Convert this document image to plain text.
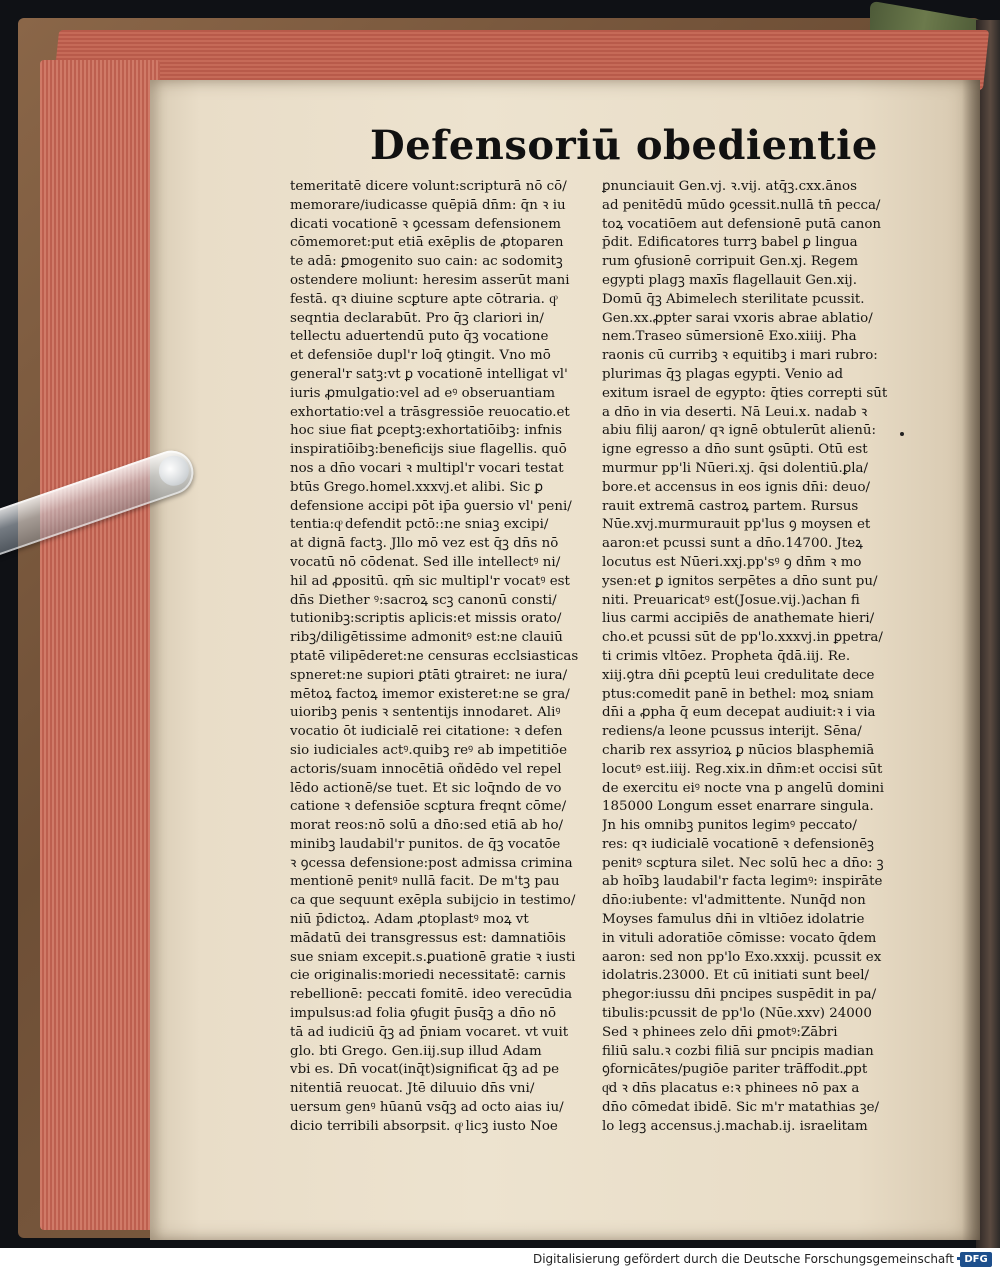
Defensoriū obedientie
temeritatē dicere volunt:scripturā nō cō/
memorare/iudicasse quēpiā dn̄m: q̄n ꝛ iu
dicati vocationē ꝛ ꝯcessam defensionem
cōmemoret:put etiā exēplis de ꝓtoparen
te adā: ꝑmogenito suo cain: ac sodomitꝫ
ostendere moliunt̄: heresim asserūt mani
festā. qꝛ diuine scꝑture apte cōtraria. qͦ
seqntia declarabūt. Pro q̄ꝫ clariori in/
tellectu aduertendū puto q̄ꝫ vocatione
et defensiōe dupl'r loq̄ ꝯtingit. Vno mō
general'r satꝫ:vt ꝑ vocationē intelligat̄ vl'
iuris ꝓmulgatio:vel ad eꝰ obseruantiam
exhortatio:vel a trāsgressiōe reuocatio.et
hoc siue fiat ꝑceptꝫ:exhortatiōibꝫ: infnis
inspiratiōibꝫ:beneficijs siue flagellis. quō
nos a dn̄o vocari ꝛ multipl'r vocari testat̄
btūs Grego.homel.xxxvj.et alibi. Sic ꝑ
defensione accipi pōt ip̄a ꝯuersio vl' peni/
tentia:qͦ defendit pctō::ne sniaꝫ excipi/
at dignā factꝫ. Jllo mō vez est q̄ꝫ dn̄s nō
vocatū nō cōdenat. Sed ille intellectꝰ ni/
hil ad ꝓpositū. qm̄ sic multipl'r vocatꝰ est
dn̄s Diether ꝰ:sacroꝝ scꝫ canonū consti/
tutionibꝫ:scriptis aplicis:et missis orato/
ribꝫ/diligētissime admonitꝰ est:ne clauiū
ptatē vilipēderet:ne censuras ecclsiasticas
spneret:ne supiori ꝑtāti ꝯtrairet: ne iura/
mētoꝝ factoꝝ imemor existeret:ne se gra/
uioribꝫ penis ꝛ sententijs innodaret. Aliꝰ
vocatio ōt iudicialē rei citatione: ꝛ defen
sio iudiciales actꝰ.quibꝫ reꝰ ab impetitiōe
actoris/suam innocētiā oñdēdo vel repel
lēdo actionē/se tuet̄. Et sic loq̄ndo de vo
catione ꝛ defensiōe scꝑtura freqnt̄ cōme/
morat reos:nō solū a dn̄o:sed etiā ab ho/
minibꝫ laudabil'r punitos. de q̄ꝫ vocatōe
ꝛ ꝯcessa defensione:post admissa crimina
mentionē penitꝰ nullā facit. De m'tꝫ pau
ca que sequunt̄ exēpla subijcio in testimo/
niū p̄dictoꝝ. Adam ꝓtoplastꝰ moꝝ vt
mādatū dei transgressus est: damnatiōis
sue sniam excepit.s.ꝑuationē gratie ꝛ iusti
cie originalis:moriedi necessitatē: carnis
rebellionē: peccati fomitē. ideo verecūdia
impulsus:ad folia ꝯfugit p̄usq̄ꝫ a dn̄o nō
tā ad iudiciū q̄ꝫ ad p̄niam vocaret̄. vt vuit
glo. bti Grego. Gen.iij.sup illud Adam
vbi es. Dn̄ vocat(inq̄t)significat q̄ꝫ ad pe
nitentiā reuocat. Jtē diluuio dn̄s vni/
uersum genꝰ hūanū vsq̄ꝫ ad octo aias iu/
dicio terribili absorpsit. qͦ licꝫ iusto Noe
ꝑnunciauit Gen.vj. ꝛ.vij. atq̄ꝫ.cxx.ānos
ad penitēdū mūdo ꝯcessit.nullā tn̄ pecca/
toꝝ vocatiōem aut defensionē putā canon
p̄dit. Edificatores turrꝫ babel ꝑ lingua
rum ꝯfusionē corripuit Gen.xj. Regem
egypti plagꝫ maxīs flagellauit Gen.xij.
Domū q̄ꝫ Abimelech sterilitate pcussit.
Gen.xx.ꝓpter sarai vxoris abrae ablatio/
nem.Traseo sūmersionē Exo.xiiij. Pha
raonis cū curribꝫ ꝛ equitibꝫ i mari rubro:
plurimas q̄ꝫ plagas egypti. Venio ad
exitum israel de egypto: q̄ties correpti sūt
a dn̄o in via deserti. Nā Leui.x. nadab ꝛ
abiu filij aaron/ qꝛ ignē obtulerūt alienū:
igne egresso a dn̄o sunt ꝯsūpti. Otū est
murmur pp'li Nūeri.xj. q̄si dolentiū.ꝑla/
bore.et accensus in eos ignis dn̄i: deuo/
rauit extremā castroꝝ partem. Rursus
Nūe.xvj.murmurauit pp'lus ꝯ moysen et
aaron:et pcussi sunt a dn̄o.14700. Jteꝝ
locutus est Nūeri.xxj.pp'sꝰ ꝯ dn̄m ꝛ mo
ysen:et ꝑ ignitos serpētes a dn̄o sunt pu/
niti. Preuaricatꝰ est(Josue.vij.)achan fi
lius carmi accipiēs de anathemate hieri/
cho.et pcussi sūt de pp'lo.xxxvj.in ꝑpetra/
ti crimis vltōez. Propheta q̄dā.iij. Re.
xiij.ꝯtra dn̄i ꝑceptū leui credulitate dece
ptus:comedit panē in bethel: moꝝ sniam
dn̄i a ꝓpha q̄ eum decepat audiuit:ꝛ i via
rediens/a leone pcussus interijt. Sēna/
charib rex assyrioꝝ ꝑ nūcios blasphemiā
locutꝰ est.iiij. Reg.xix.in dn̄m:et occisi sūt
de exercitu eiꝰ nocte vna p angelū domini
185000 Longum esset enarrare singula.
Jn his omnibꝫ punitos legimꝰ peccato/
res: qꝛ iudicialē vocationē ꝛ defensionēꝫ
penitꝰ scꝑtura silet. Nec solū hec a dn̄o: ꝫ
ab hoībꝫ laudabil'r facta legimꝰ: inspirāte
dn̄o:iubente: vl'admittente. Nunq̄d non
Moyses famulus dn̄i in vltiōez idolatrie
in vituli adoratiōe cōmisse: vocato q̄dem
aaron: sed non pp'lo Exo.xxxij. pcussit ex
idolatris.23000. Et cū initiati sunt beel/
phegor:iussu dn̄i pncipes suspēdit in pa/
tibulis:pcussit de pp'lo (Nūe.xxv) 24000
Sed ꝛ phinees zelo dn̄i ꝑmotꝰ:Zābri
filiū salu.ꝛ cozbi filiā sur pncipis madian
ꝯfornicātes/pugiōe pariter trāffodit.ꝓpt
qͦd ꝛ dn̄s placatus e:ꝛ phinees nō pax a
dn̄o cōmedat̄ ibidē. Sic m'r matathias ꝫe/
lo legꝫ accensus.j.machab.ij. israelitam
Digitalisierung gefördert durch die Deutsche Forschungsgemeinschaft	DFG
